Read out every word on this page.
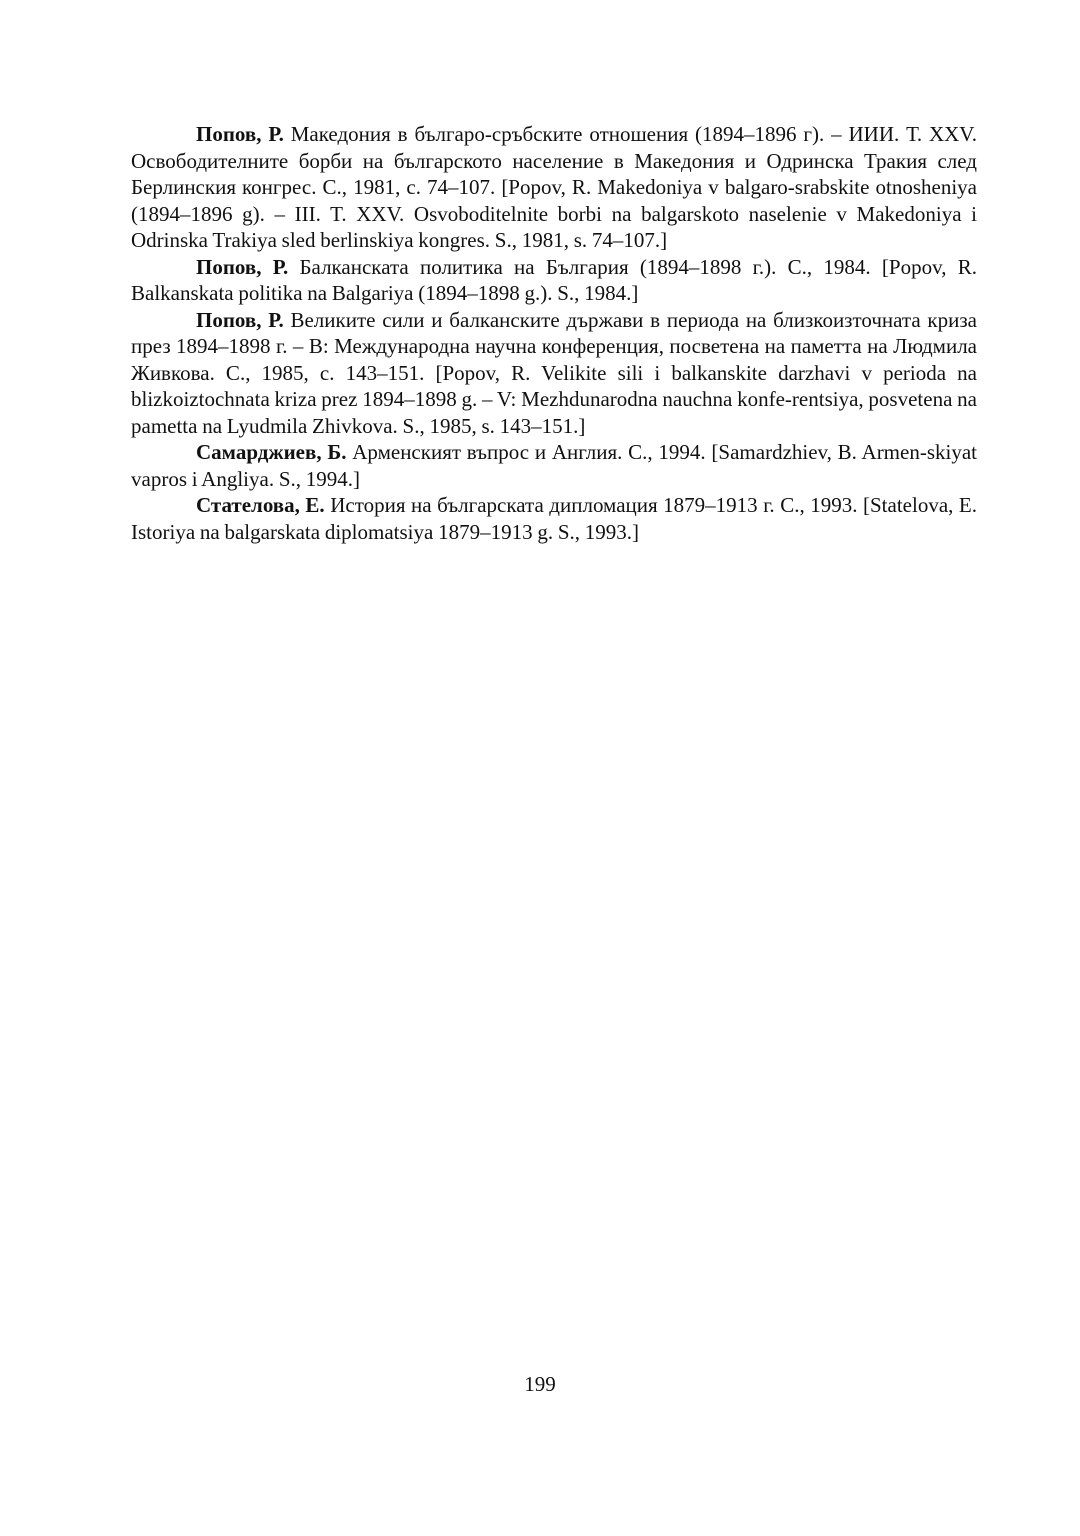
Попов, Р. Македония в българо-сръбските отношения (1894–1896 г). – ИИИ. Т. XXV. Освободителните борби на българското население в Македония и Одринска Тракия след Берлинския конгрес. С., 1981, с. 74–107. [Popov, R. Makedoniya v balgaro-srabskite otnosheniya (1894–1896 g). – III. T. XXV. Osvoboditelnite borbi na balgarskoto naselenie v Makedoniya i Odrinska Trakiya sled berlinskiya kongres. S., 1981, s. 74–107.]

Попов, Р. Балканската политика на България (1894–1898 г.). С., 1984. [Popov, R. Balkanskata politika na Balgariya (1894–1898 g.). S., 1984.]

Попов, Р. Великите сили и балканските държави в периода на близкоизточната криза през 1894–1898 г. – В: Международна научна конференция, посветена на паметта на Людмила Живкова. С., 1985, с. 143–151. [Popov, R. Velikite sili i balkanskite darzhavi v perioda na blizkoiztochnata kriza prez 1894–1898 g. – V: Mezhdunarodna nauchna konfe-rentsiya, posvetena na pametta na Lyudmila Zhivkova. S., 1985, s. 143–151.]

Самарджиев, Б. Арменският въпрос и Англия. С., 1994. [Samardzhiev, B. Armen-skiyat vapros i Angliya. S., 1994.]

Стателова, Е. История на българската дипломация 1879–1913 г. С., 1993. [Statelova, E. Istoriya na balgarskata diplomatsiya 1879–1913 g. S., 1993.]

199
